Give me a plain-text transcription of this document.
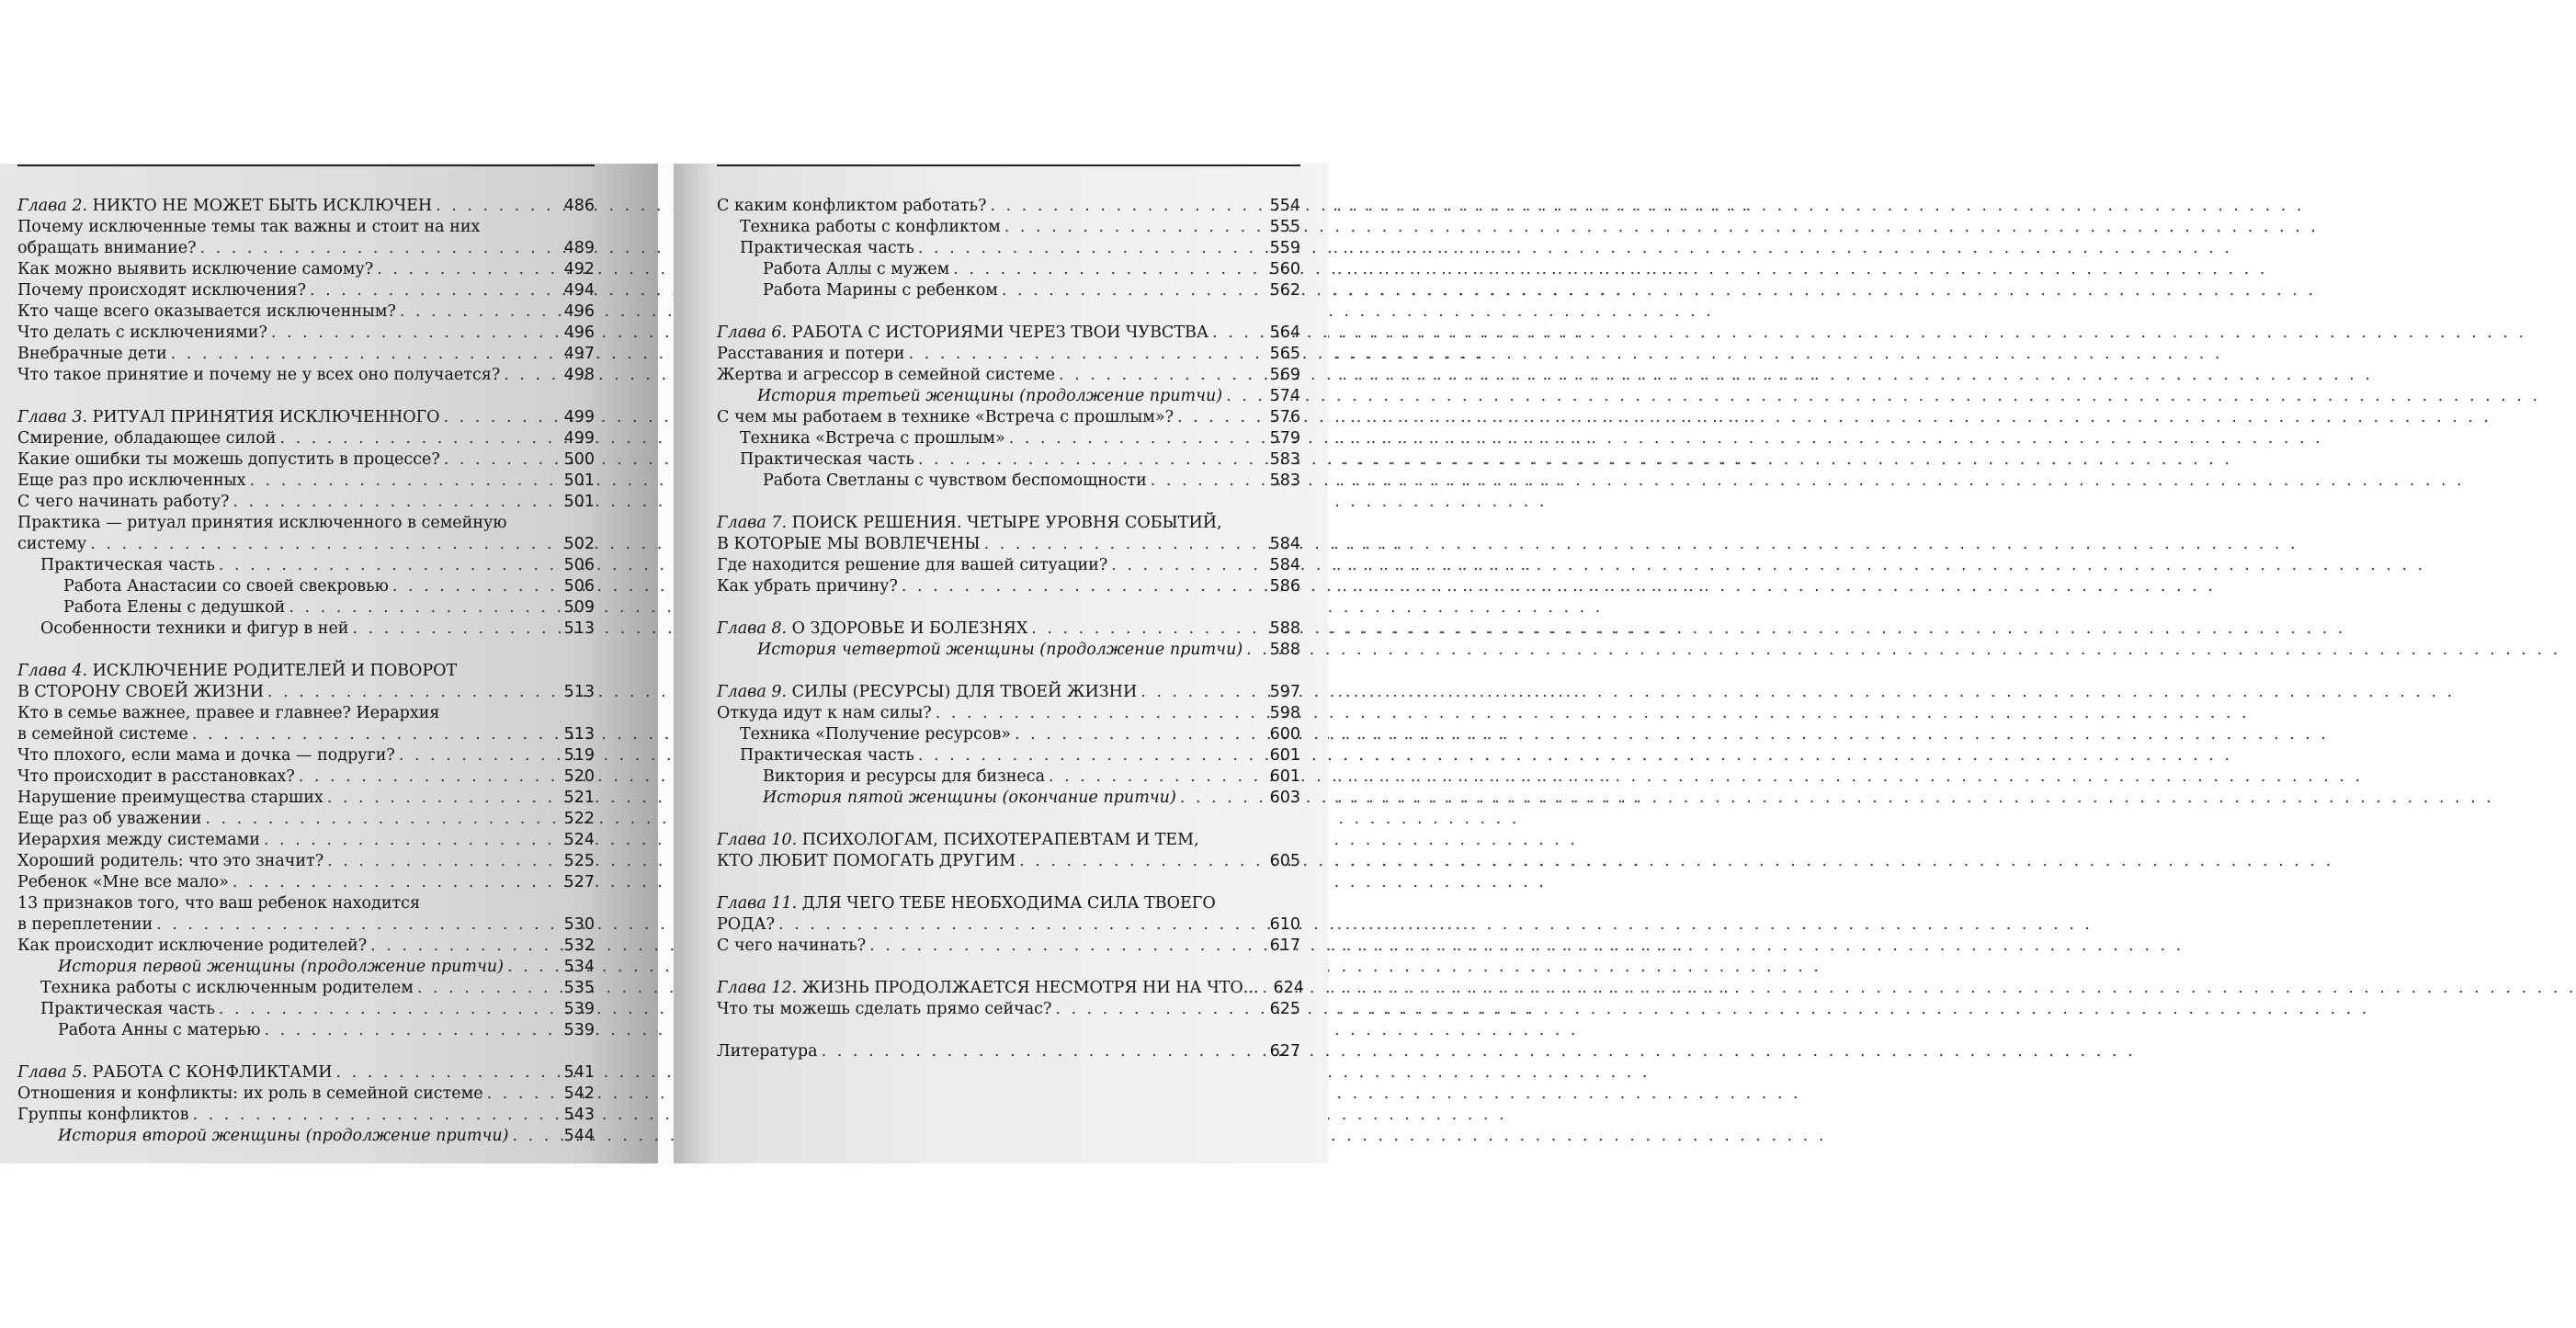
Глава 2. НИКТО НЕ МОЖЕТ БЫТЬ ИСКЛЮЧЕН . . .	486
Почему исключенные темы так важны и стоит на них
обращать внимание? . . .	489
Как можно выявить исключение самому? . . .	492
Почему происходят исключения? . . .	494
Кто чаще всего оказывается исключенным? . . .	496
Что делать с исключениями? . . .	496
Внебрачные дети . . .	497
Что такое принятие и почему не у всех оно получается? . . .	498
Глава 3. РИТУАЛ ПРИНЯТИЯ ИСКЛЮЧЕННОГО . . .	499
Смирение, обладающее силой . . .	499
Какие ошибки ты можешь допустить в процессе? . . .	500
Еще раз про исключенных . . .	501
С чего начинать работу? . . .	501
Практика — ритуал принятия исключенного в семейную
систему . . .	502
Практическая часть . . .	506
Работа Анастасии со своей свекровью . . .	506
Работа Елены с дедушкой . . .	509
Особенности техники и фигур в ней . . .	513
Глава 4. ИСКЛЮЧЕНИЕ РОДИТЕЛЕЙ И ПОВОРОТ
В СТОРОНУ СВОЕЙ ЖИЗНИ . . .	513
Кто в семье важнее, правее и главнее? Иерархия
в семейной системе . . .	513
Что плохого, если мама и дочка — подруги? . . .	519
Что происходит в расстановках? . . .	520
Нарушение преимущества старших . . .	521
Еще раз об уважении . . .	522
Иерархия между системами . . .	524
Хороший родитель: что это значит? . . .	525
Ребенок «Мне все мало» . . .	527
13 признаков того, что ваш ребенок находится
в переплетении . . .	530
Как происходит исключение родителей? . . .	532
История первой женщины (продолжение притчи) . . .	534
Техника работы с исключенным родителем . . .	535
Практическая часть . . .	539
Работа Анны с матерью . . .	539
Глава 5. РАБОТА С КОНФЛИКТАМИ . . .	541
Отношения и конфликты: их роль в семейной системе . . .	542
Группы конфликтов . . .	543
История второй женщины (продолжение притчи) . . .	544
С каким конфликтом работать? . . .	554
Техника работы с конфликтом . . .	555
Практическая часть . . .	559
Работа Аллы с мужем . . .	560
Работа Марины с ребенком . . .	562
Глава 6. РАБОТА С ИСТОРИЯМИ ЧЕРЕЗ ТВОИ ЧУВСТВА . . .	564
Расставания и потери . . .	565
Жертва и агрессор в семейной системе . . .	569
История третьей женщины (продолжение притчи) . . .	574
С чем мы работаем в технике «Встреча с прошлым»? . . .	576
Техника «Встреча с прошлым» . . .	579
Практическая часть . . .	583
Работа Светланы с чувством беспомощности . . .	583
Глава 7. ПОИСК РЕШЕНИЯ. ЧЕТЫРЕ УРОВНЯ СОБЫТИЙ,
В КОТОРЫЕ МЫ ВОВЛЕЧЕНЫ . . .	584
Где находится решение для вашей ситуации? . . .	584
Как убрать причину? . . .	586
Глава 8. О ЗДОРОВЬЕ И БОЛЕЗНЯХ . . .	588
История четвертой женщины (продолжение притчи) . . . 588
Глава 9. СИЛЫ (РЕСУРСЫ) ДЛЯ ТВОЕЙ ЖИЗНИ . . .	597
Откуда идут к нам силы? . . .	598
Техника «Получение ресурсов» . . .	600
Практическая часть . . .	601
Виктория и ресурсы для бизнеса . . .	601
История пятой женщины (окончание притчи) . . .	603
Глава 10. ПСИХОЛОГАМ, ПСИХОТЕРАПЕВТАМ И ТЕМ,
КТО ЛЮБИТ ПОМОГАТЬ ДРУГИМ . . .	605
Глава 11. ДЛЯ ЧЕГО ТЕБЕ НЕОБХОДИМА СИЛА ТВОЕГО
РОДА? . . .	610
С чего начинать? . . .	617
Глава 12. ЖИЗНЬ ПРОДОЛЖАЕТСЯ НЕСМОТРЯ НИ НА ЧТО... . . . 624
Что ты можешь сделать прямо сейчас? . . .	625
Литература . . .	627
